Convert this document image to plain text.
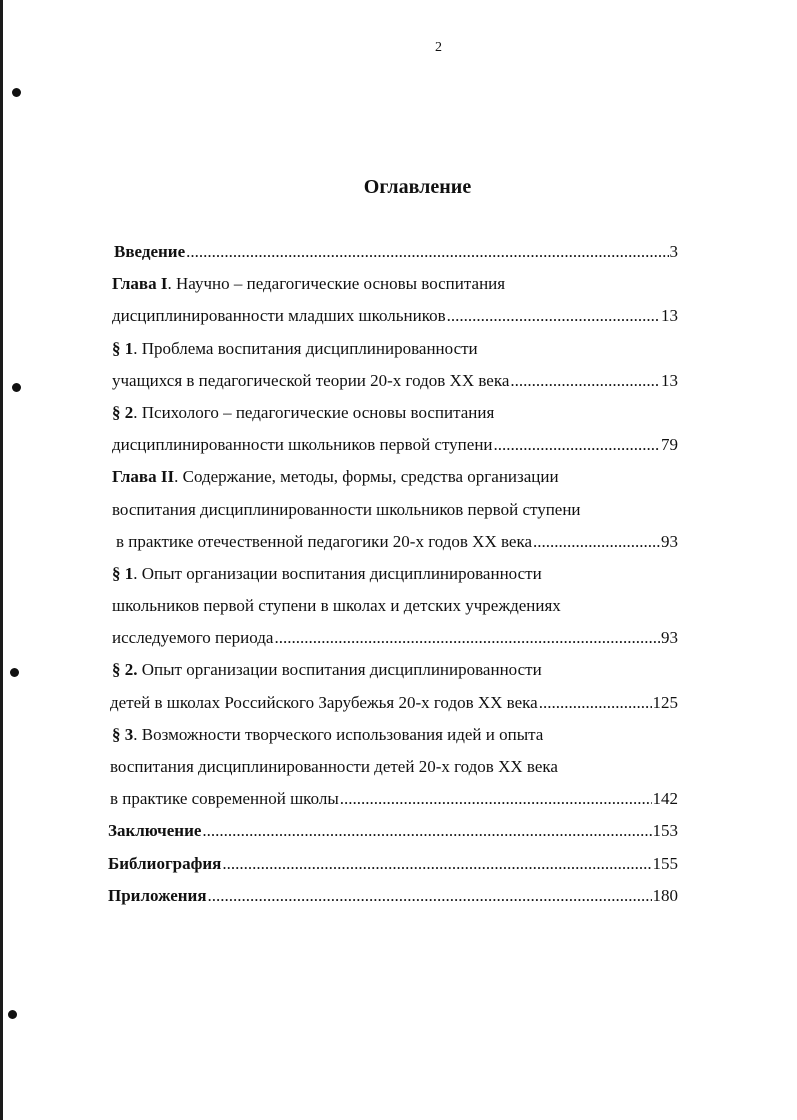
2
Оглавление
Введение .....	3
Глава I. Научно – педагогические основы воспитания
дисциплинированности младших школьников .....	13
§ 1. Проблема воспитания дисциплинированности
учащихся в педагогической теории 20-х годов XX века .....	13
§ 2. Психолого – педагогические основы воспитания
дисциплинированности школьников первой ступени .....	79
Глава II. Содержание, методы, формы, средства организации
воспитания дисциплинированности школьников первой ступени
в практике отечественной педагогики 20-х годов XX века .....	93
§ 1. Опыт организации воспитания дисциплинированности
школьников первой ступени в школах и детских учреждениях
исследуемого периода .....	93
§ 2. Опыт организации воспитания дисциплинированности
детей в школах Российского Зарубежья 20-х годов XX века .....	125
§ 3. Возможности творческого использования идей и опыта
воспитания дисциплинированности детей 20-х годов XX века
в практике современной школы .....	142
Заключение .....	153
Библиография .....	155
Приложения .....	180
